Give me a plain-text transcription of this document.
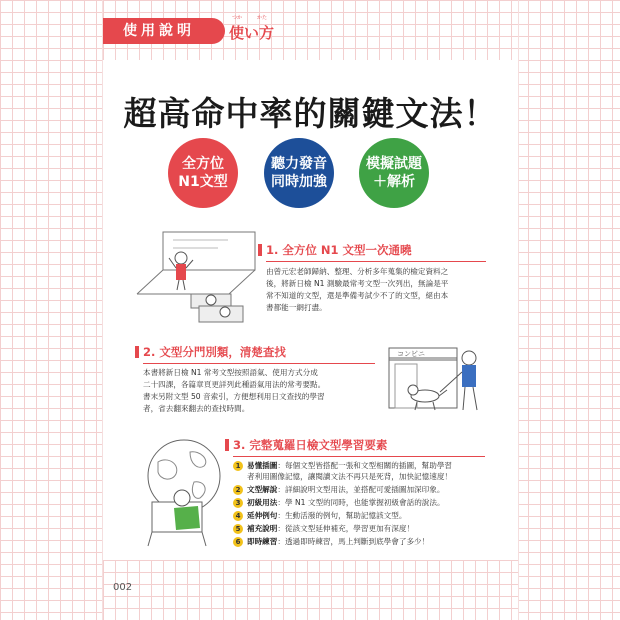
使用說明
つか	かた
使い方
超高命中率的關鍵文法！
全方位
N1文型
聽力發音
同時加強
模擬試題
＋解析
1. 全方位 N1 文型一次通曉
由曾元宏老師歸納、整理、分析多年蒐集的檢定資料之
後，將新日檢 N1 測驗最常考文型一次列出，無論是平
常不知道的文型，還是準備考試少不了的文型，絕由本
書都能一網打盡。
2. 文型分門別類，清楚查找
本書將新日檢 N1 常考文型按照語氣、使用方式分成
二十四課，各篇章頁更詳列此種語氣用法的常考要點。
書末另附文型 50 音索引，方便想利用日文查找的學習
者，省去翻來翻去的查找時間。
コンビニ
3. 完整蒐羅日檢文型學習要素
1 易懂插圖：每個文型皆搭配一張和文型相關的插圖，幫助學習
者利用圖像記憶，讓閱讀文法不再只是死背，加快記憶速度！
2 文型解說：詳細說明文型用法，並搭配可愛插圖加深印象。
3 初級用法：學 N1 文型的同時，也能掌握初級會話的說法。
4 延伸例句：生動活潑的例句，幫助記憶該文型。
5 補充說明：從該文型延伸補充，學習更加有深度！
6 即時練習：透過即時練習，馬上判斷到底學會了多少！
002
